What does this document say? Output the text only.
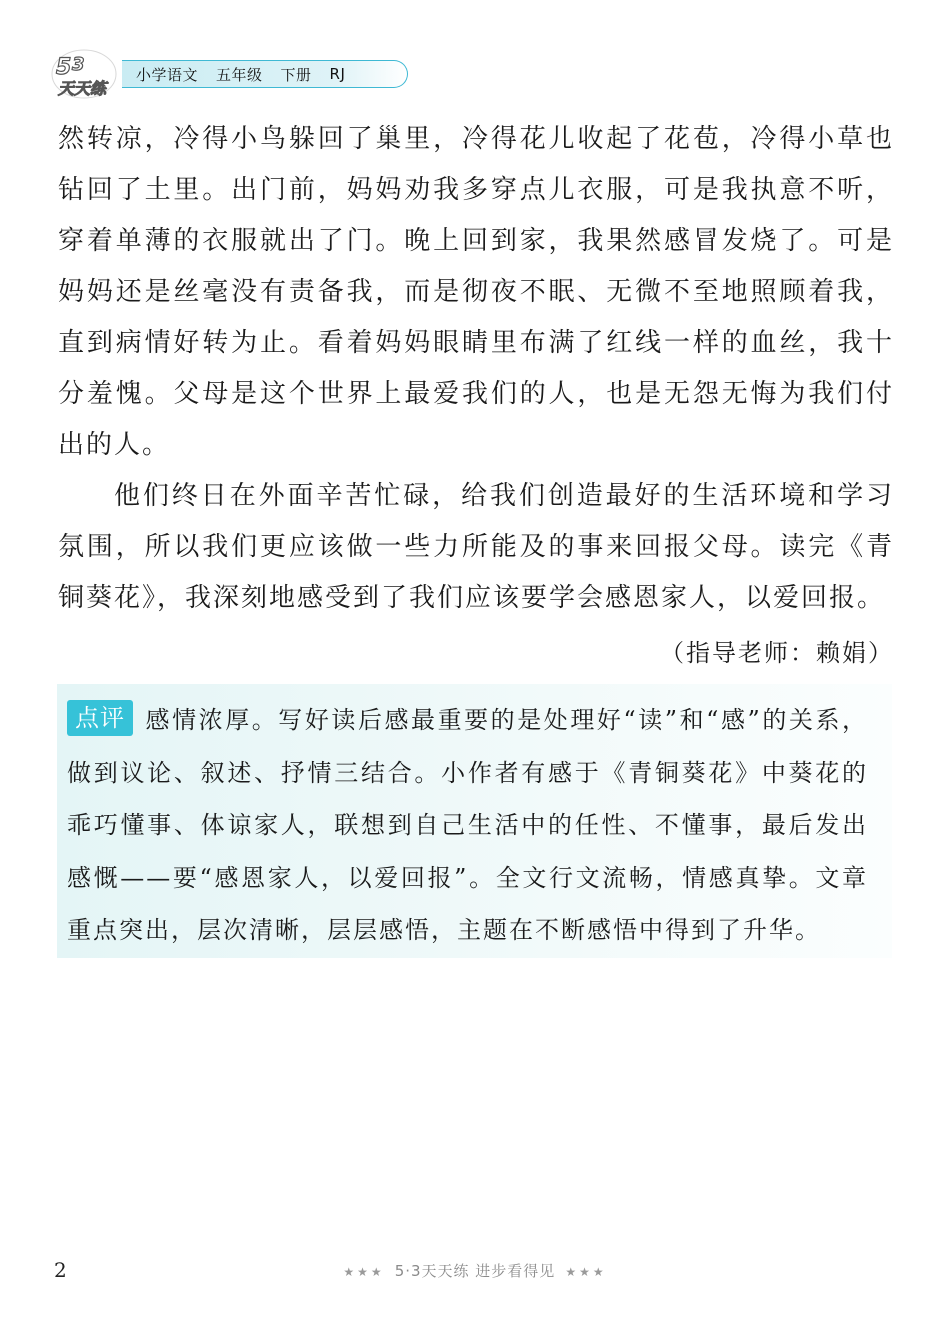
5 3
天天练
小学语文 五年级 下册 RJ

然转凉，冷得小鸟躲回了巢里，冷得花儿收起了花苞，冷得小草也钻回了土里。出门前，妈妈劝我多穿点儿衣服，可是我执意不听，穿着单薄的衣服就出了门。晚上回到家，我果然感冒发烧了。可是妈妈还是丝毫没有责备我，而是彻夜不眠、无微不至地照顾着我，直到病情好转为止。看着妈妈眼睛里布满了红线一样的血丝，我十分羞愧。父母是这个世界上最爱我们的人，也是无怨无悔为我们付出的人。

他们终日在外面辛苦忙碌，给我们创造最好的生活环境和学习氛围，所以我们更应该做一些力所能及的事来回报父母。读完《青铜葵花》，我深刻地感受到了我们应该要学会感恩家人，以爱回报。

（指导老师：赖娟）

点评 感情浓厚。写好读后感最重要的是处理好“读”和“感”的关系，做到议论、叙述、抒情三结合。小作者有感于《青铜葵花》中葵花的乖巧懂事、体谅家人，联想到自己生活中的任性、不懂事，最后发出感慨——要“感恩家人，以爱回报”。全文行文流畅，情感真挚。文章重点突出，层次清晰，层层感悟，主题在不断感悟中得到了升华。
2	★★★ 5·3天天练 进步看得见 ★★★
